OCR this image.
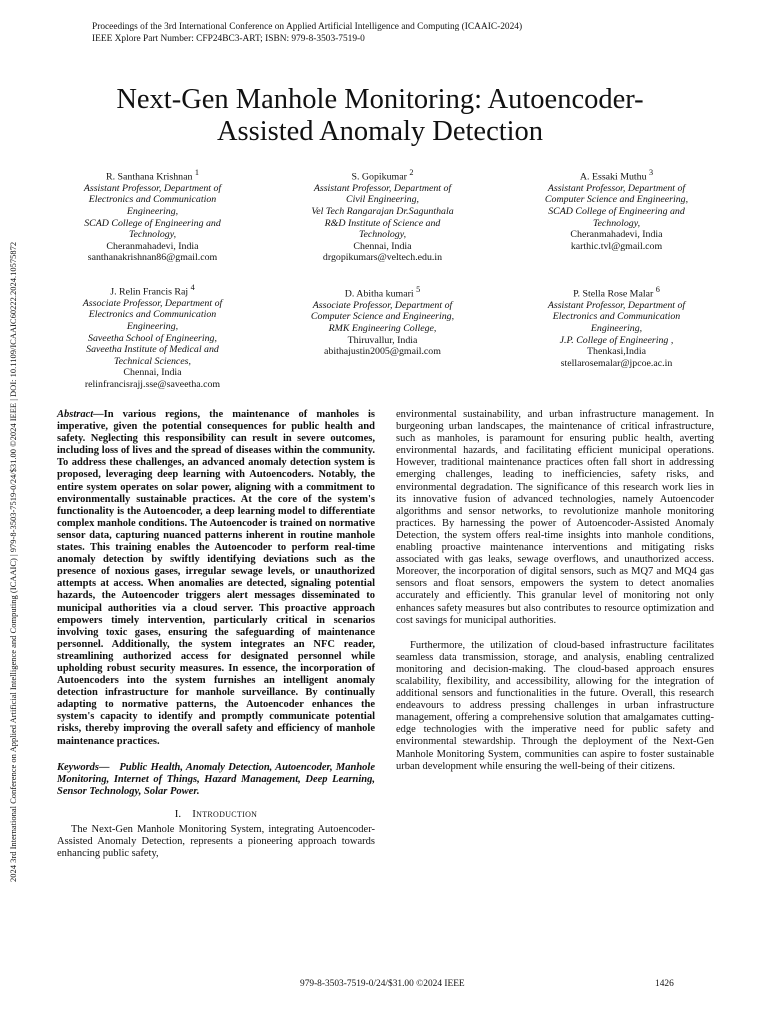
Proceedings of the 3rd International Conference on Applied Artificial Intelligence and Computing (ICAAIC-2024)
IEEE Xplore Part Number: CFP24BC3-ART; ISBN: 979-8-3503-7519-0
2024 3rd International Conference on Applied Artificial Intelligence and Computing (ICAAIC) | 979-8-3503-7519-0/24/$31.00 ©2024 IEEE | DOI: 10.1109/ICAAIC60222.2024.10575872
Next-Gen Manhole Monitoring: Autoencoder-
Assisted Anomaly Detection
R. Santhana Krishnan $^1$
Assistant Professor, Department of
Electronics and Communication
Engineering,
SCAD College of Engineering and
Technology,
Cheranmahadevi, India
santhanakrishnan86@gmail.com
S. Gopikumar $^2$
Assistant Professor, Department of
Civil Engineering,
Vel Tech Rangarajan Dr.Sagunthala
R&D Institute of Science and
Technology,
Chennai, India
drgopikumars@veltech.edu.in
A. Essaki Muthu $^3$
Assistant Professor, Department of
Computer Science and Engineering,
SCAD College of Engineering and
Technology,
Cheranmahadevi, India
karthic.tvl@gmail.com
J. Relin Francis Raj $^4$
Associate Professor, Department of
Electronics and Communication
Engineering,
Saveetha School of Engineering,
Saveetha Institute of Medical and
Technical Sciences,
Chennai, India
relinfrancisrajj.sse@saveetha.com
D. Abitha kumari $^5$
Associate Professor, Department of
Computer Science and Engineering,
RMK Engineering College,
Thiruvallur, India
abithajustin2005@gmail.com
P. Stella Rose Malar $^6$
Assistant Professor, Department of
Electronics and Communication
Engineering,
J.P. College of Engineering ,
Thenkasi,India
stellarosemalar@jpcoe.ac.in

Abstract—In various regions, the maintenance of manholes is imperative, given the potential consequences for public health and safety. Neglecting this responsibility can result in severe outcomes, including loss of lives and the spread of diseases within the community. To address these challenges, an advanced anomaly detection system is proposed, leveraging deep learning with Autoencoders. Notably, the entire system operates on solar power, aligning with a commitment to environmentally sustainable practices. At the core of the system's functionality is the Autoencoder, a deep learning model to differentiate complex manhole conditions. The Autoencoder is trained on normative sensor data, capturing nuanced patterns inherent in routine manhole states. This training enables the Autoencoder to perform real-time anomaly detection by swiftly identifying deviations such as the presence of noxious gases, irregular sewage levels, or unauthorized attempts at access. When anomalies are detected, signaling potential hazards, the Autoencoder triggers alert messages disseminated to municipal authorities via a cloud server. This proactive approach empowers timely intervention, particularly critical in scenarios involving toxic gases, ensuring the safeguarding of maintenance personnel. Additionally, the system integrates an NFC reader, streamlining authorized access for designated personnel while upholding robust security measures. In essence, the incorporation of Autoencoders into the system furnishes an intelligent anomaly detection infrastructure for manhole surveillance. By continually adapting to normative patterns, the Autoencoder enhances the system's capacity to identify and promptly communicate potential risks, thereby improving the overall safety and efficiency of manhole maintenance practices.

Keywords— Public Health, Anomaly Detection, Autoencoder, Manhole Monitoring, Internet of Things, Hazard Management, Deep Learning, Sensor Technology, Solar Power.

I. Introduction

The Next-Gen Manhole Monitoring System, integrating Autoencoder-Assisted Anomaly Detection, represents a pioneering approach towards enhancing public safety,

environmental sustainability, and urban infrastructure management. In burgeoning urban landscapes, the maintenance of critical infrastructure, such as manholes, is paramount for ensuring public health, averting environmental hazards, and facilitating efficient municipal operations. However, traditional maintenance practices often fall short in addressing emerging challenges, leading to inefficiencies, safety risks, and environmental degradation. The significance of this research work lies in its innovative fusion of advanced technologies, namely Autoencoder algorithms and sensor networks, to revolutionize manhole monitoring practices. By harnessing the power of Autoencoder-Assisted Anomaly Detection, the system offers real-time insights into manhole conditions, enabling proactive maintenance interventions and mitigating risks associated with gas leaks, sewage overflows, and unauthorized access. Moreover, the incorporation of digital sensors, such as MQ7 and MQ4 gas sensors and float sensors, empowers the system to detect anomalies accurately and efficiently. This granular level of monitoring not only enhances safety measures but also contributes to resource optimization and cost savings for municipal authorities.

Furthermore, the utilization of cloud-based infrastructure facilitates seamless data transmission, storage, and analysis, enabling centralized monitoring and decision-making. The cloud-based approach ensures scalability, flexibility, and accessibility, allowing for the integration of additional sensors and functionalities in the future. Overall, this research endeavours to address pressing challenges in urban infrastructure management, offering a comprehensive solution that amalgamates cutting-edge technologies with the imperative need for public safety and environmental stewardship. Through the deployment of the Next-Gen Manhole Monitoring System, communities can aspire to foster sustainable urban development while ensuring the well-being of their citizens.

979-8-3503-7519-0/24/$31.00 ©2024 IEEE	1426
